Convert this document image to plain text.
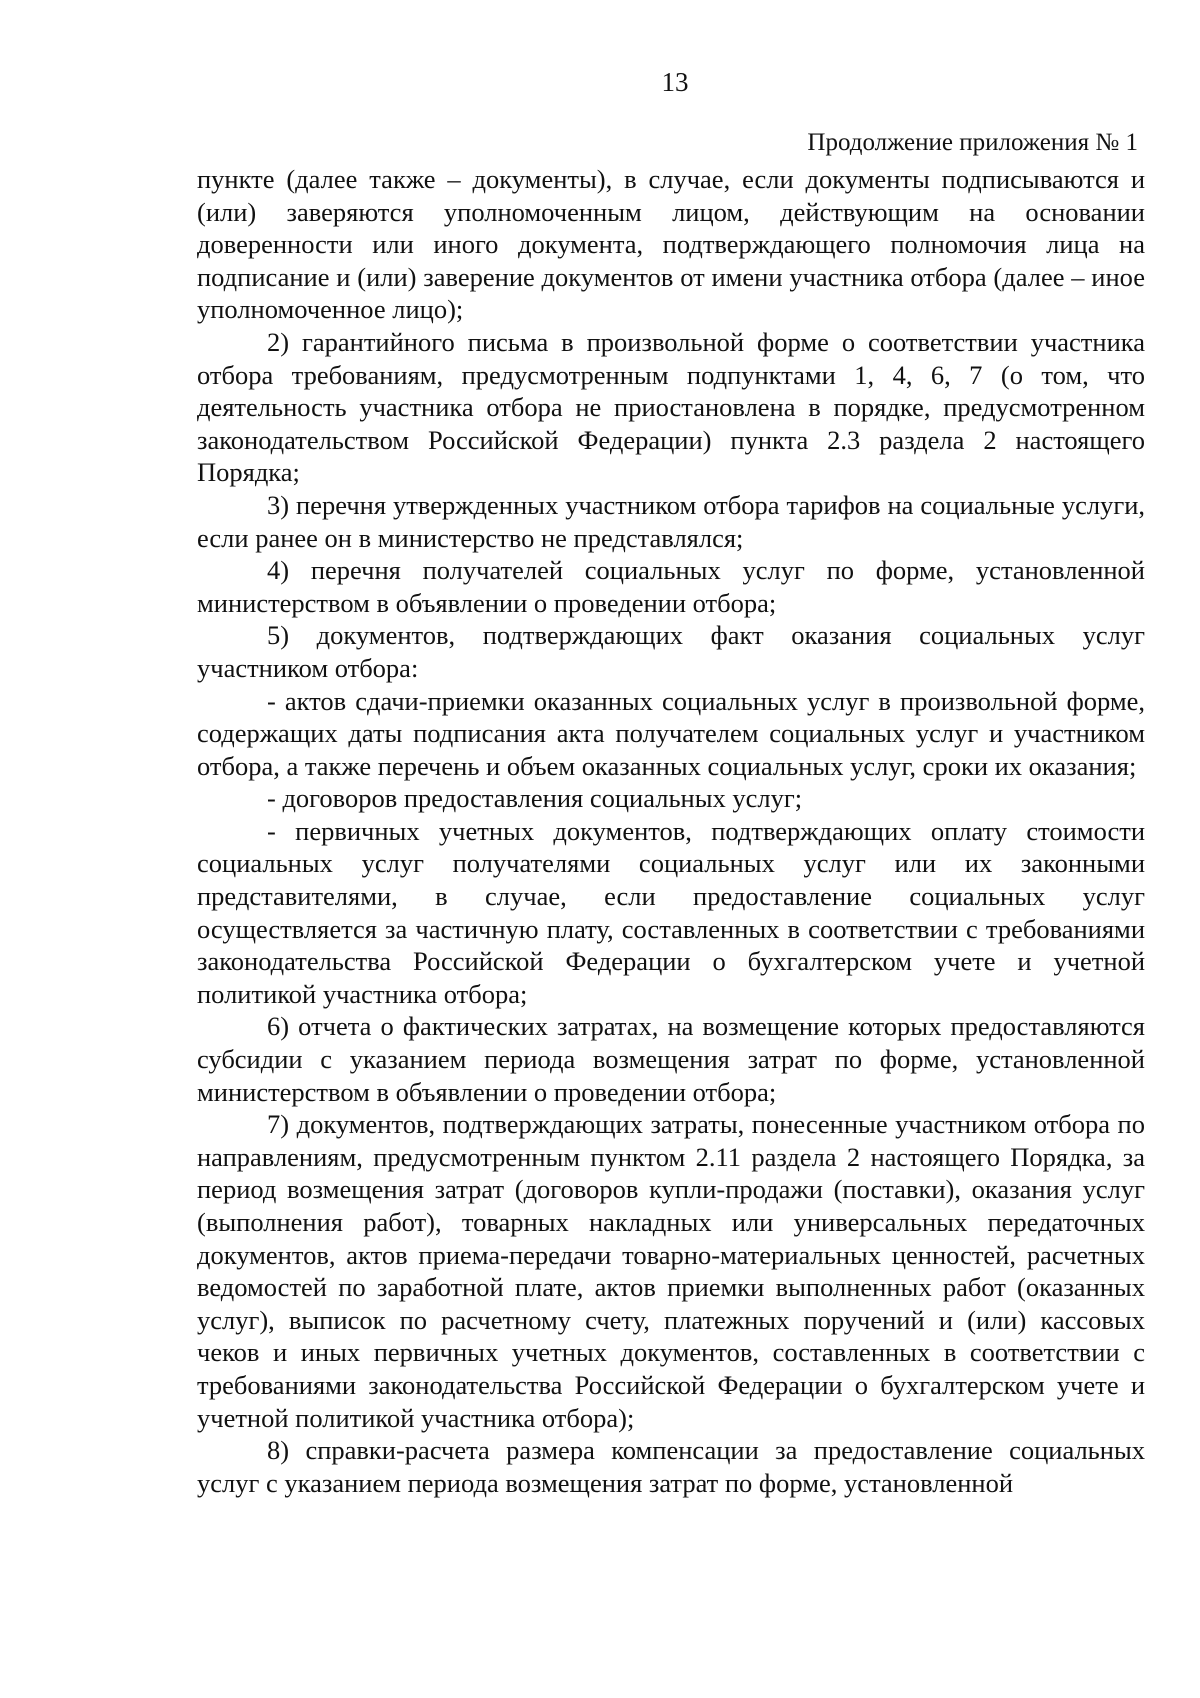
13
Продолжение приложения № 1

пункте (далее также – документы), в случае, если документы подписываются и (или) заверяются уполномоченным лицом, действующим на основании доверенности или иного документа, подтверждающего полномочия лица на подписание и (или) заверение документов от имени участника отбора (далее – иное уполномоченное лицо);

2) гарантийного письма в произвольной форме о соответствии участника отбора требованиям, предусмотренным подпунктами 1, 4, 6, 7 (о том, что деятельность участника отбора не приостановлена в порядке, предусмотренном законодательством Российской Федерации) пункта 2.3 раздела 2 настоящего Порядка;

3) перечня утвержденных участником отбора тарифов на социальные услуги, если ранее он в министерство не представлялся;

4) перечня получателей социальных услуг по форме, установленной министерством в объявлении о проведении отбора;

5) документов, подтверждающих факт оказания социальных услуг участником отбора:

- актов сдачи-приемки оказанных социальных услуг в произвольной форме, содержащих даты подписания акта получателем социальных услуг и участником отбора, а также перечень и объем оказанных социальных услуг, сроки их оказания;

- договоров предоставления социальных услуг;

- первичных учетных документов, подтверждающих оплату стоимости социальных услуг получателями социальных услуг или их законными представителями, в случае, если предоставление социальных услуг осуществляется за частичную плату, составленных в соответствии с требованиями законодательства Российской Федерации о бухгалтерском учете и учетной политикой участника отбора;

6) отчета о фактических затратах, на возмещение которых предоставляются субсидии с указанием периода возмещения затрат по форме, установленной министерством в объявлении о проведении отбора;

7) документов, подтверждающих затраты, понесенные участником отбора по направлениям, предусмотренным пунктом 2.11 раздела 2 настоящего Порядка, за период возмещения затрат (договоров купли-продажи (поставки), оказания услуг (выполнения работ), товарных накладных или универсальных передаточных документов, актов приема-передачи товарно-материальных ценностей, расчетных ведомостей по заработной плате, актов приемки выполненных работ (оказанных услуг), выписок по расчетному счету, платежных поручений и (или) кассовых чеков и иных первичных учетных документов, составленных в соответствии с требованиями законодательства Российской Федерации о бухгалтерском учете и учетной политикой участника отбора);

8) справки-расчета размера компенсации за предоставление социальных услуг с указанием периода возмещения затрат по форме, установленной
